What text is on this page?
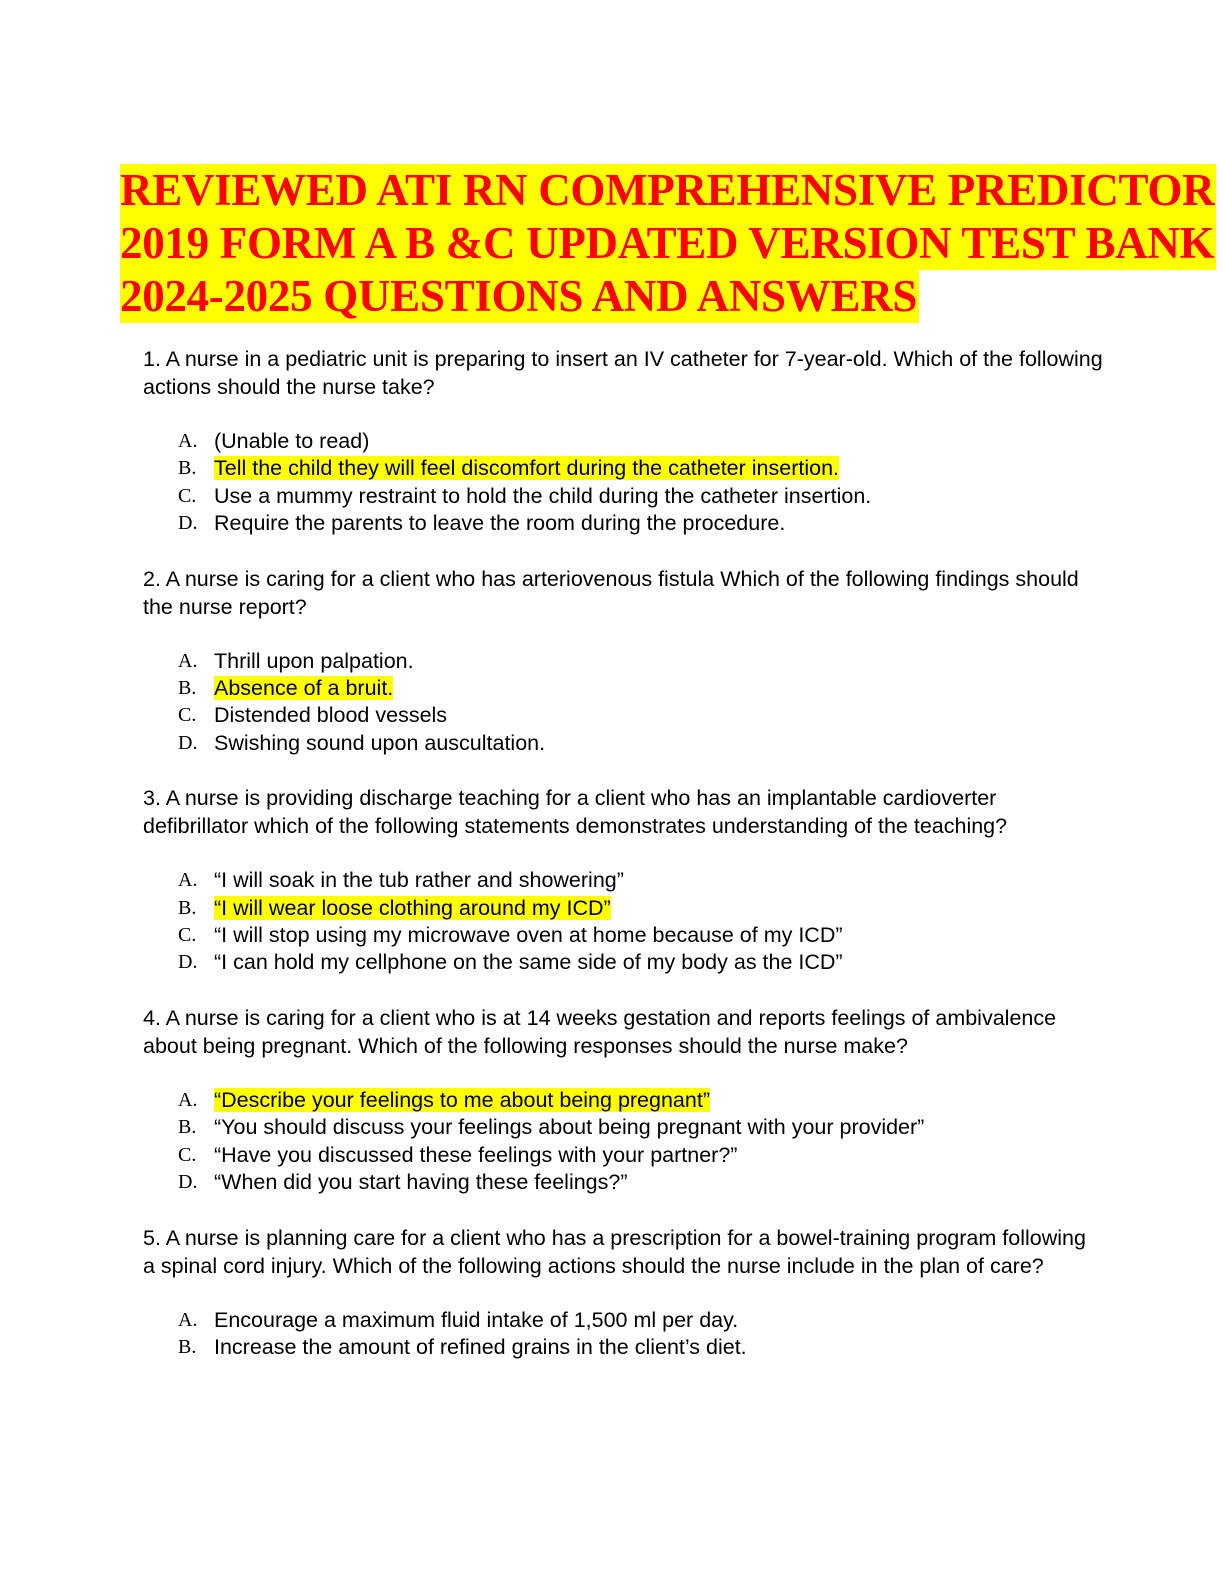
REVIEWED ATI RN COMPREHENSIVE PREDICTOR
2019 FORM A B &C UPDATED VERSION TEST BANK
2024-2025 QUESTIONS AND ANSWERS
1. A nurse in a pediatric unit is preparing to insert an IV catheter for 7-year-old. Which of the following actions should the nurse take?
A. (Unable to read)
B. Tell the child they will feel discomfort during the catheter insertion.
C. Use a mummy restraint to hold the child during the catheter insertion.
D. Require the parents to leave the room during the procedure.
2. A nurse is caring for a client who has arteriovenous fistula Which of the following findings should the nurse report?
A. Thrill upon palpation.
B. Absence of a bruit.
C. Distended blood vessels
D. Swishing sound upon auscultation.
3. A nurse is providing discharge teaching for a client who has an implantable cardioverter defibrillator which of the following statements demonstrates understanding of the teaching?
A. “I will soak in the tub rather and showering”
B. “I will wear loose clothing around my ICD”
C. “I will stop using my microwave oven at home because of my ICD”
D. “I can hold my cellphone on the same side of my body as the ICD”
4. A nurse is caring for a client who is at 14 weeks gestation and reports feelings of ambivalence about being pregnant. Which of the following responses should the nurse make?
A. “Describe your feelings to me about being pregnant”
B. “You should discuss your feelings about being pregnant with your provider”
C. “Have you discussed these feelings with your partner?”
D. “When did you start having these feelings?”
5. A nurse is planning care for a client who has a prescription for a bowel-training program following a spinal cord injury. Which of the following actions should the nurse include in the plan of care?
A. Encourage a maximum fluid intake of 1,500 ml per day.
B. Increase the amount of refined grains in the client’s diet.
